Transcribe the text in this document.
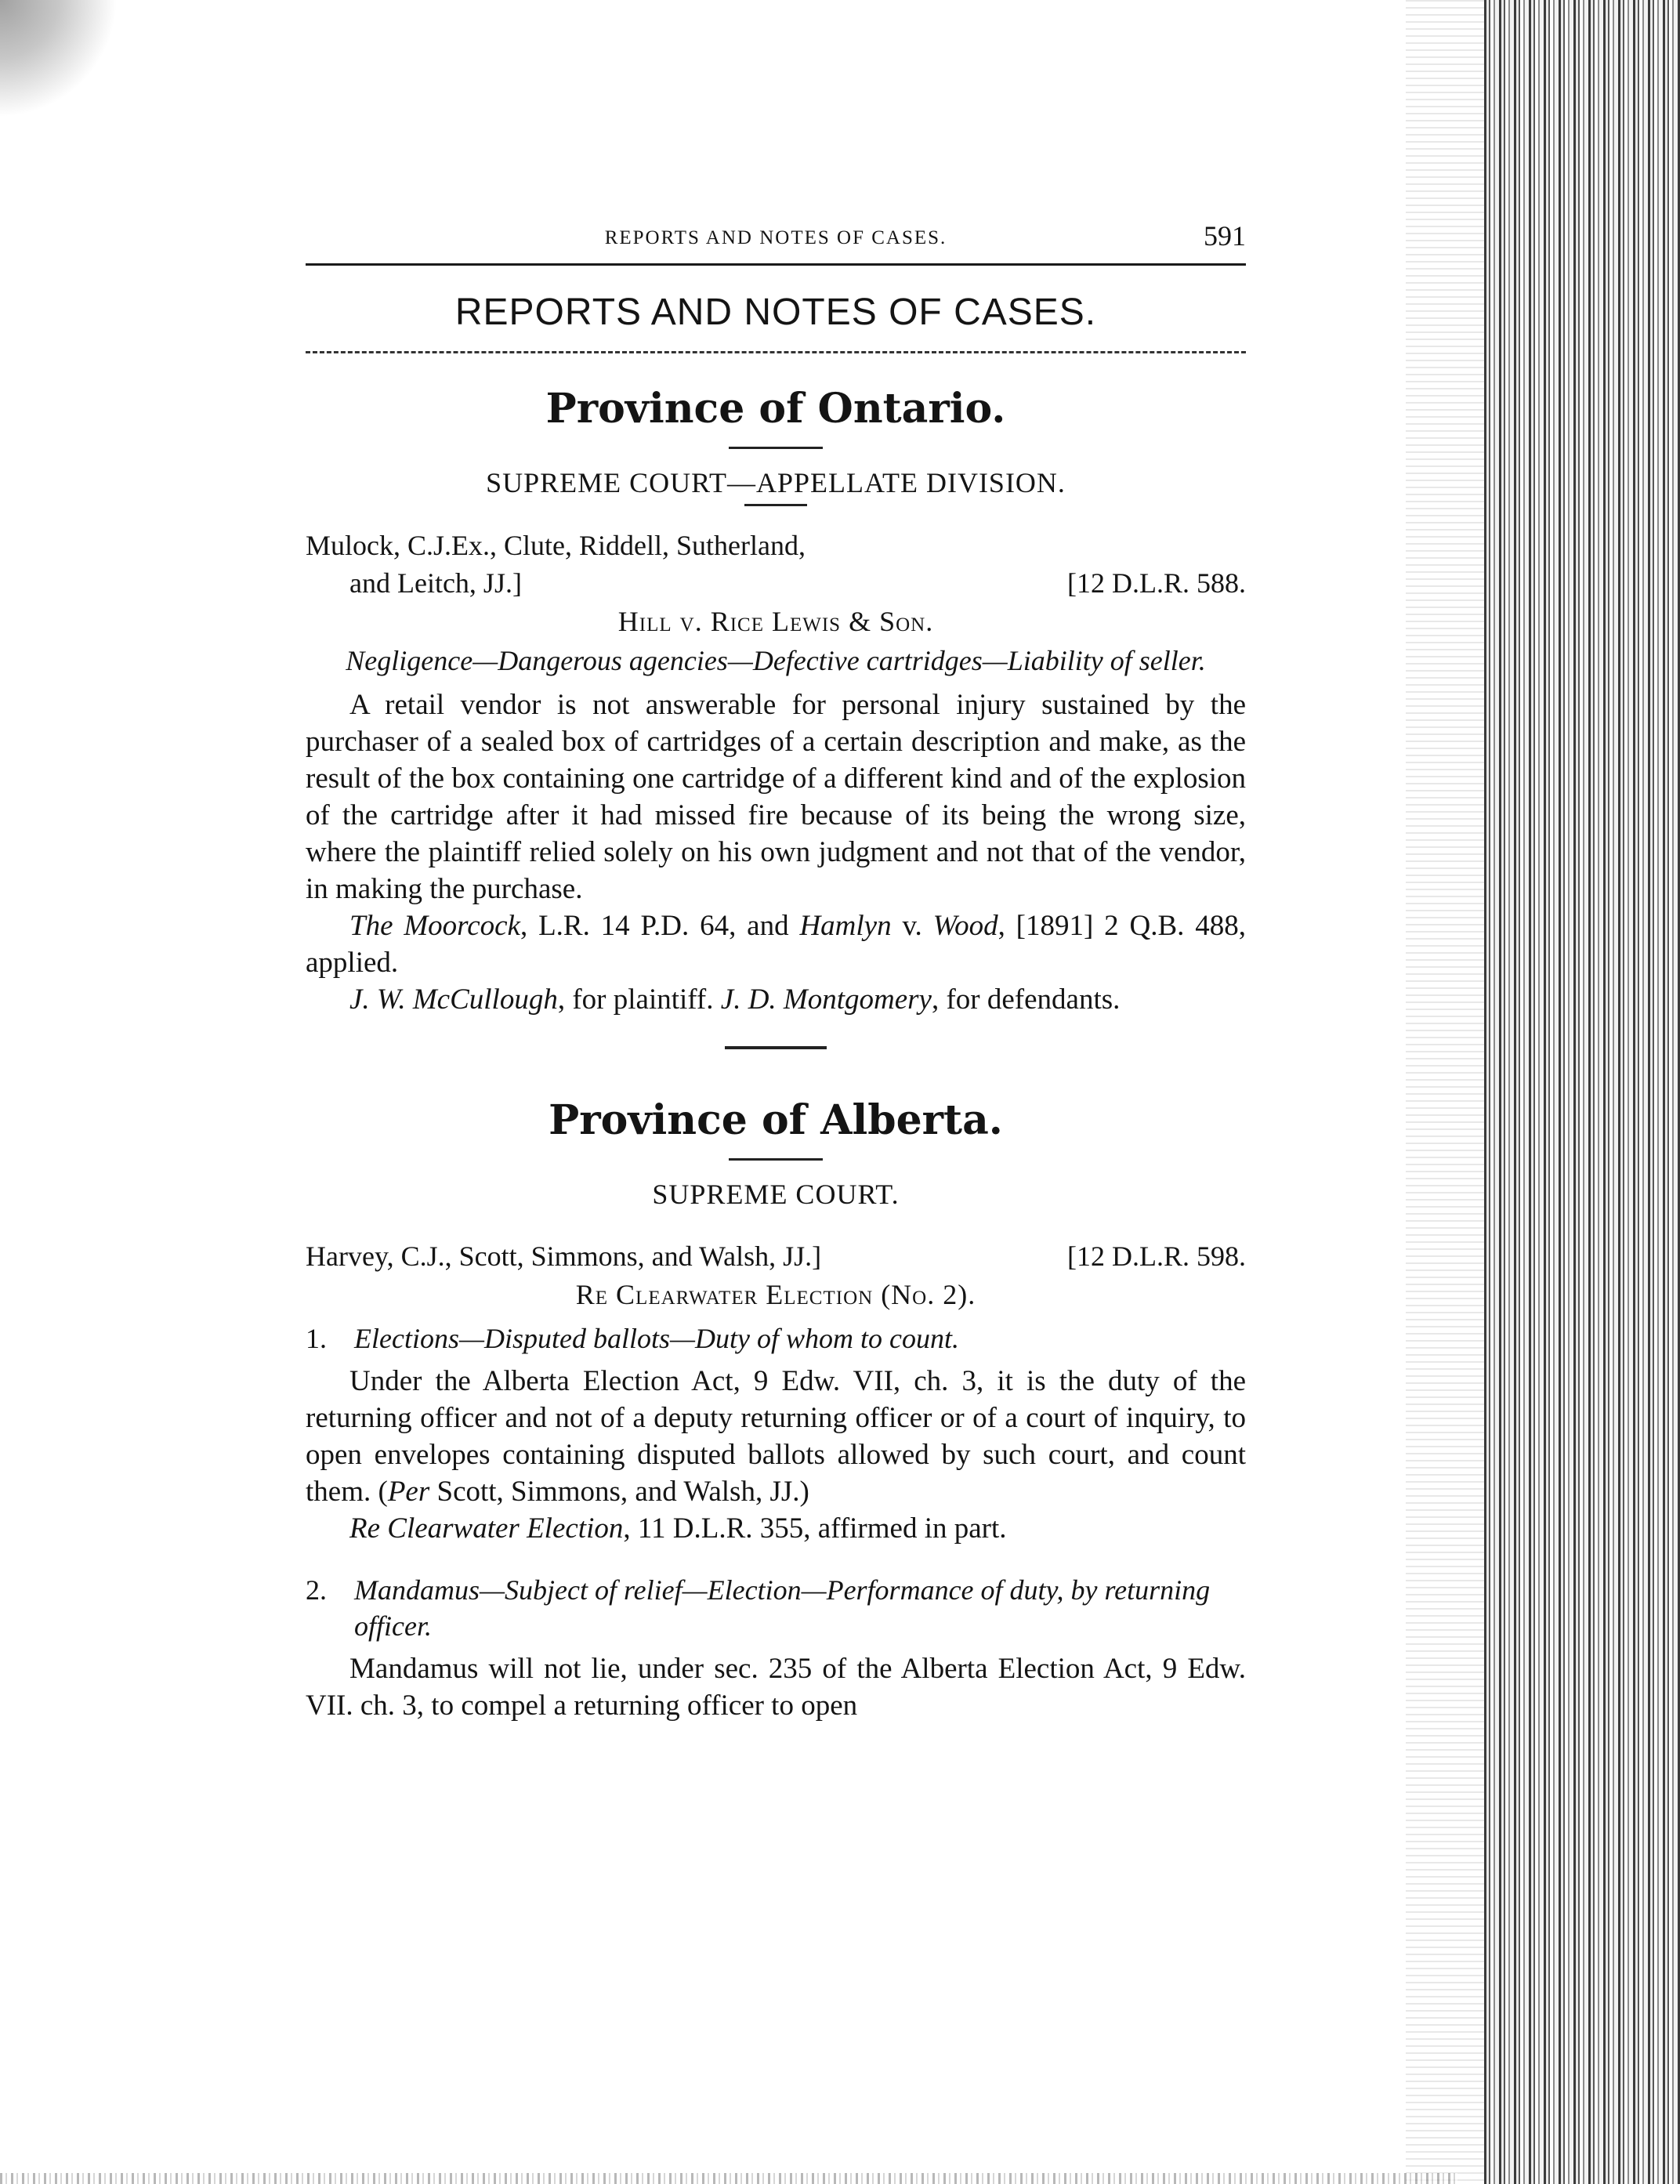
REPORTS AND NOTES OF CASES.	591
REPORTS AND NOTES OF CASES.
Province of Ontario.
SUPREME COURT—APPELLATE DIVISION.
Mulock, C.J.Ex., Clute, Riddell, Sutherland,
and Leitch, JJ.]	[12 D.L.R. 588.
Hill v. Rice Lewis & Son.
Negligence—Dangerous agencies—Defective cartridges—Liability of seller.

A retail vendor is not answerable for personal injury sustained by the purchaser of a sealed box of cartridges of a certain description and make, as the result of the box containing one cartridge of a different kind and of the explosion of the cartridge after it had missed fire because of its being the wrong size, where the plaintiff relied solely on his own judgment and not that of the vendor, in making the purchase.

The Moorcock, L.R. 14 P.D. 64, and Hamlyn v. Wood, [1891] 2 Q.B. 488, applied.

J. W. McCullough, for plaintiff. J. D. Montgomery, for defendants.

Province of Alberta.
SUPREME COURT.
Harvey, C.J., Scott, Simmons, and Walsh, JJ.]	[12 D.L.R. 598.
Re Clearwater Election (No. 2).
1. Elections—Disputed ballots—Duty of whom to count.

Under the Alberta Election Act, 9 Edw. VII, ch. 3, it is the duty of the returning officer and not of a deputy returning officer or of a court of inquiry, to open envelopes containing disputed ballots allowed by such court, and count them. (Per Scott, Simmons, and Walsh, JJ.)

Re Clearwater Election, 11 D.L.R. 355, affirmed in part.

2. Mandamus—Subject of relief—Election—Performance of duty, by returning officer.

Mandamus will not lie, under sec. 235 of the Alberta Election Act, 9 Edw. VII. ch. 3, to compel a returning officer to open
